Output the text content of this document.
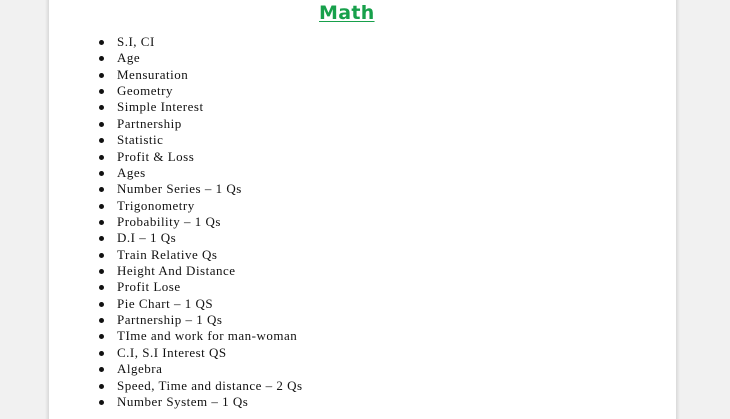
Math
S.I, CI
Age
Mensuration
Geometry
Simple Interest
Partnership
Statistic
Profit & Loss
Ages
Number Series – 1 Qs
Trigonometry
Probability – 1 Qs
D.I – 1 Qs
Train Relative Qs
Height And Distance
Profit Lose
Pie Chart – 1 QS
Partnership – 1 Qs
TIme and work for man-woman
C.I, S.I Interest QS
Algebra
Speed, Time and distance – 2 Qs
Number System – 1 Qs
